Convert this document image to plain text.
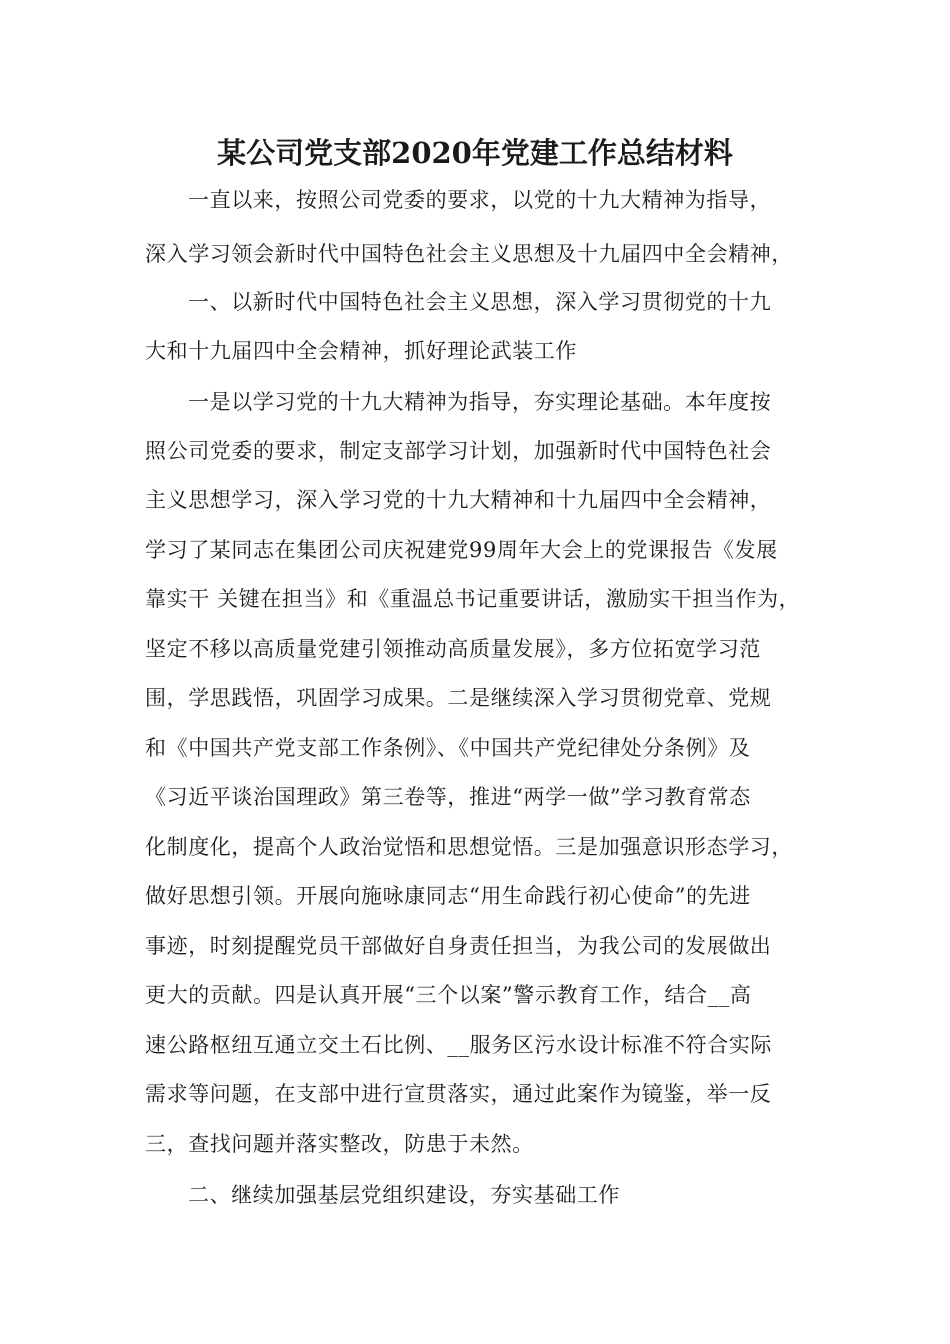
某公司党支部2020年党建工作总结材料
一直以来，按照公司党委的要求，以党的十九大精神为指导，
深入学习领会新时代中国特色社会主义思想及十九届四中全会精神，
一、以新时代中国特色社会主义思想，深入学习贯彻党的十九
大和十九届四中全会精神，抓好理论武装工作
一是以学习党的十九大精神为指导，夯实理论基础。本年度按
照公司党委的要求，制定支部学习计划，加强新时代中国特色社会
主义思想学习，深入学习党的十九大精神和十九届四中全会精神，
学习了某同志在集团公司庆祝建党99周年大会上的党课报告《发展
靠实干 关键在担当》和《重温总书记重要讲话，激励实干担当作为，
坚定不移以高质量党建引领推动高质量发展》，多方位拓宽学习范
围，学思践悟，巩固学习成果。二是继续深入学习贯彻党章、党规
和《中国共产党支部工作条例》、《中国共产党纪律处分条例》及
《习近平谈治国理政》第三卷等，推进“两学一做”学习教育常态
化制度化，提高个人政治觉悟和思想觉悟。三是加强意识形态学习，
做好思想引领。开展向施咏康同志“用生命践行初心使命”的先进
事迹，时刻提醒党员干部做好自身责任担当，为我公司的发展做出
更大的贡献。四是认真开展“三个以案”警示教育工作，结合__高
速公路枢纽互通立交土石比例、__服务区污水设计标准不符合实际
需求等问题，在支部中进行宣贯落实，通过此案作为镜鉴，举一反
三，查找问题并落实整改，防患于未然。
二、继续加强基层党组织建设，夯实基础工作
